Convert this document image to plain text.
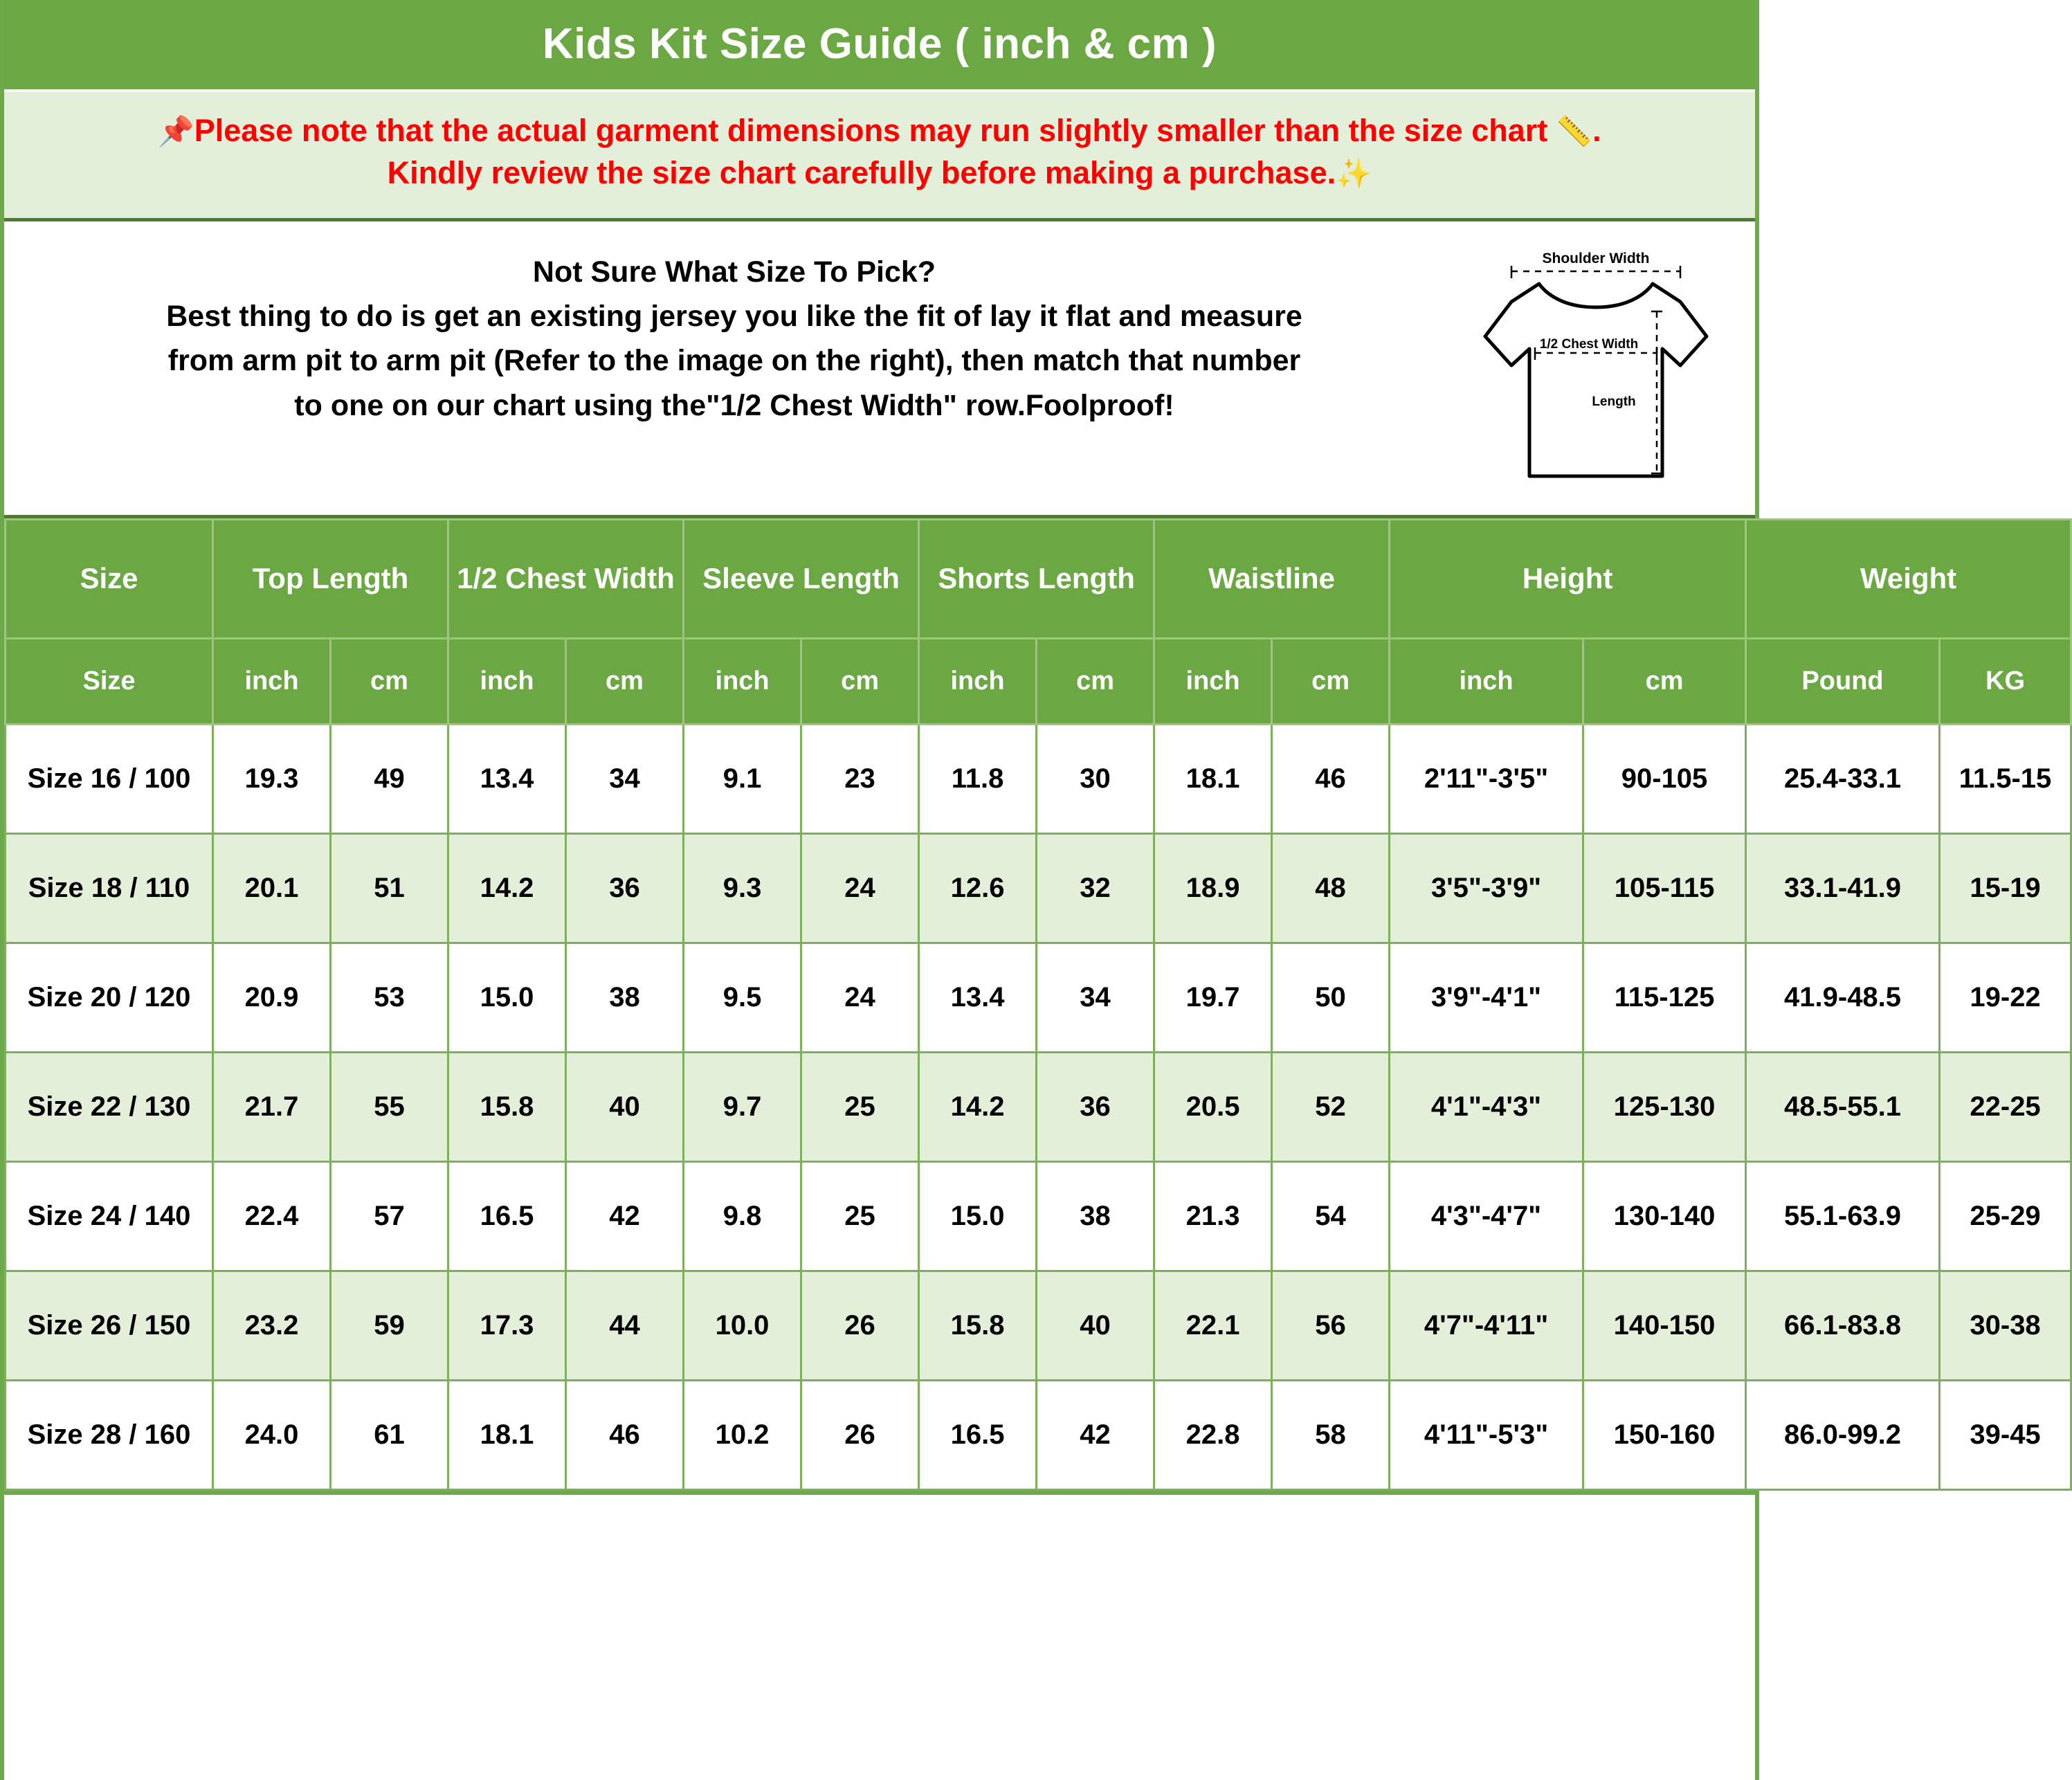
Kids Kit Size Guide ( inch & cm )
📌Please note that the actual garment dimensions may run slightly smaller than the size chart 📏.
Kindly review the size chart carefully before making a purchase.✨
Not Sure What Size To Pick?
Best thing to do is get an existing jersey you like the fit of lay it flat and measure
from arm pit to arm pit (Refer to the image on the right), then match that number
to one on our chart using the"1/2 Chest Width" row.Foolproof!
Shoulder Width
1/2 Chest Width
Length
Size	Top Length		1/2 Chest Width		Sleeve Length		Shorts Length		Waistline		Height		Weight	
Size	inch	cm	inch	cm	inch	cm	inch	cm	inch	cm	inch	cm	Pound	KG
Size 16 / 100	19.3	49	13.4	34	9.1	23	11.8	30	18.1	46	2'11"-3'5"	90-105	25.4-33.1	11.5-15
Size 18 / 110	20.1	51	14.2	36	9.3	24	12.6	32	18.9	48	3'5"-3'9"	105-115	33.1-41.9	15-19
Size 20 / 120	20.9	53	15.0	38	9.5	24	13.4	34	19.7	50	3'9"-4'1"	115-125	41.9-48.5	19-22
Size 22 / 130	21.7	55	15.8	40	9.7	25	14.2	36	20.5	52	4'1"-4'3"	125-130	48.5-55.1	22-25
Size 24 / 140	22.4	57	16.5	42	9.8	25	15.0	38	21.3	54	4'3"-4'7"	130-140	55.1-63.9	25-29
Size 26 / 150	23.2	59	17.3	44	10.0	26	15.8	40	22.1	56	4'7"-4'11"	140-150	66.1-83.8	30-38
Size 28 / 160	24.0	61	18.1	46	10.2	26	16.5	42	22.8	58	4'11"-5'3"	150-160	86.0-99.2	39-45
